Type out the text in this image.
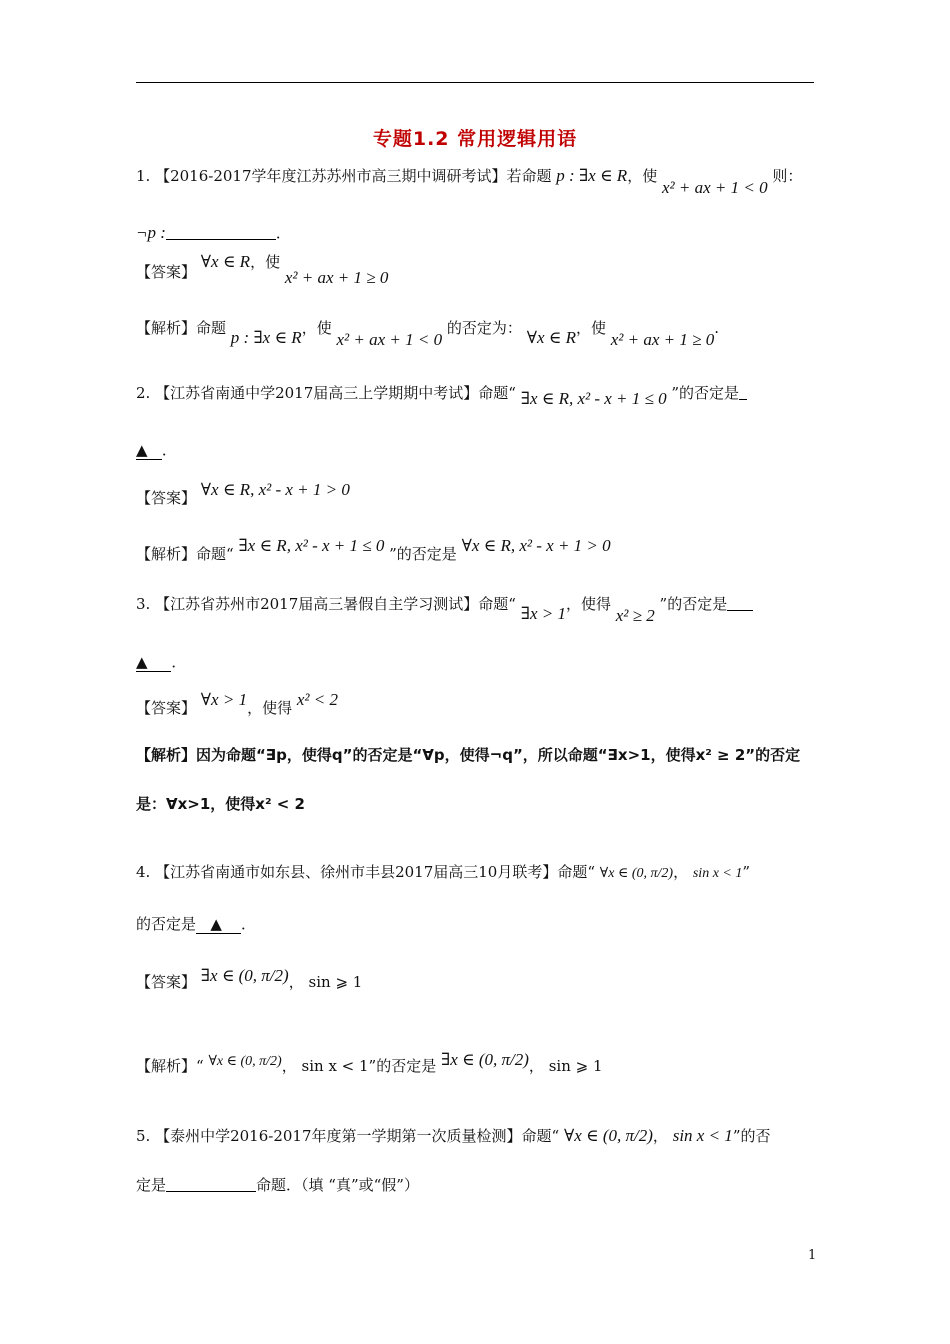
专题1.2 常用逻辑用语
1. 【2016-2017学年度江苏苏州市高三期中调研考试】若命题 p : ∃x ∈ R，使 x² + ax + 1 < 0 则：
¬p :	．
【答案】 ∀x ∈ R，使 x² + ax + 1 ≥ 0
【解析】命题 p : ∃x ∈ R，使 x² + ax + 1 < 0 的否定为： ∀x ∈ R，使 x² + ax + 1 ≥ 0.
2. 【江苏省南通中学2017届高三上学期期中考试】命题“ ∃x ∈ R, x² - x + 1 ≤ 0 ”的否定是
▲ ．
【答案】 ∀x ∈ R, x² - x + 1 > 0
【解析】命题“ ∃x ∈ R, x² - x + 1 ≤ 0 ”的否定是 ∀x ∈ R, x² - x + 1 > 0
3. 【江苏省苏州市2017届高三暑假自主学习测试】命题“ ∃x > 1，使得 x² ≥ 2 ”的否定是
▲ ．
【答案】 ∀x > 1，使得 x² < 2
【解析】因为命题“∃p，使得q”的否定是“∀p，使得¬q”，所以命题“∃x>1，使得x² ≥ 2”的否定
是：∀x>1，使得x² < 2
4. 【江苏省南通市如东县、徐州市丰县2017届高三10月联考】命题“ ∀x ∈ (0, π/2)， sin x < 1”
的否定是 ▲ ．
【答案】 ∃x ∈ (0, π/2)， sin ⩾ 1
【解析】“ ∀x ∈ (0, π/2)， sin x < 1”的否定是 ∃x ∈ (0, π/2)， sin ⩾ 1
5. 【泰州中学2016-2017年度第一学期第一次质量检测】命题“ ∀x ∈ (0, π/2)， sin x < 1”的否
定是	命题．（填 “真”或“假”）
1
